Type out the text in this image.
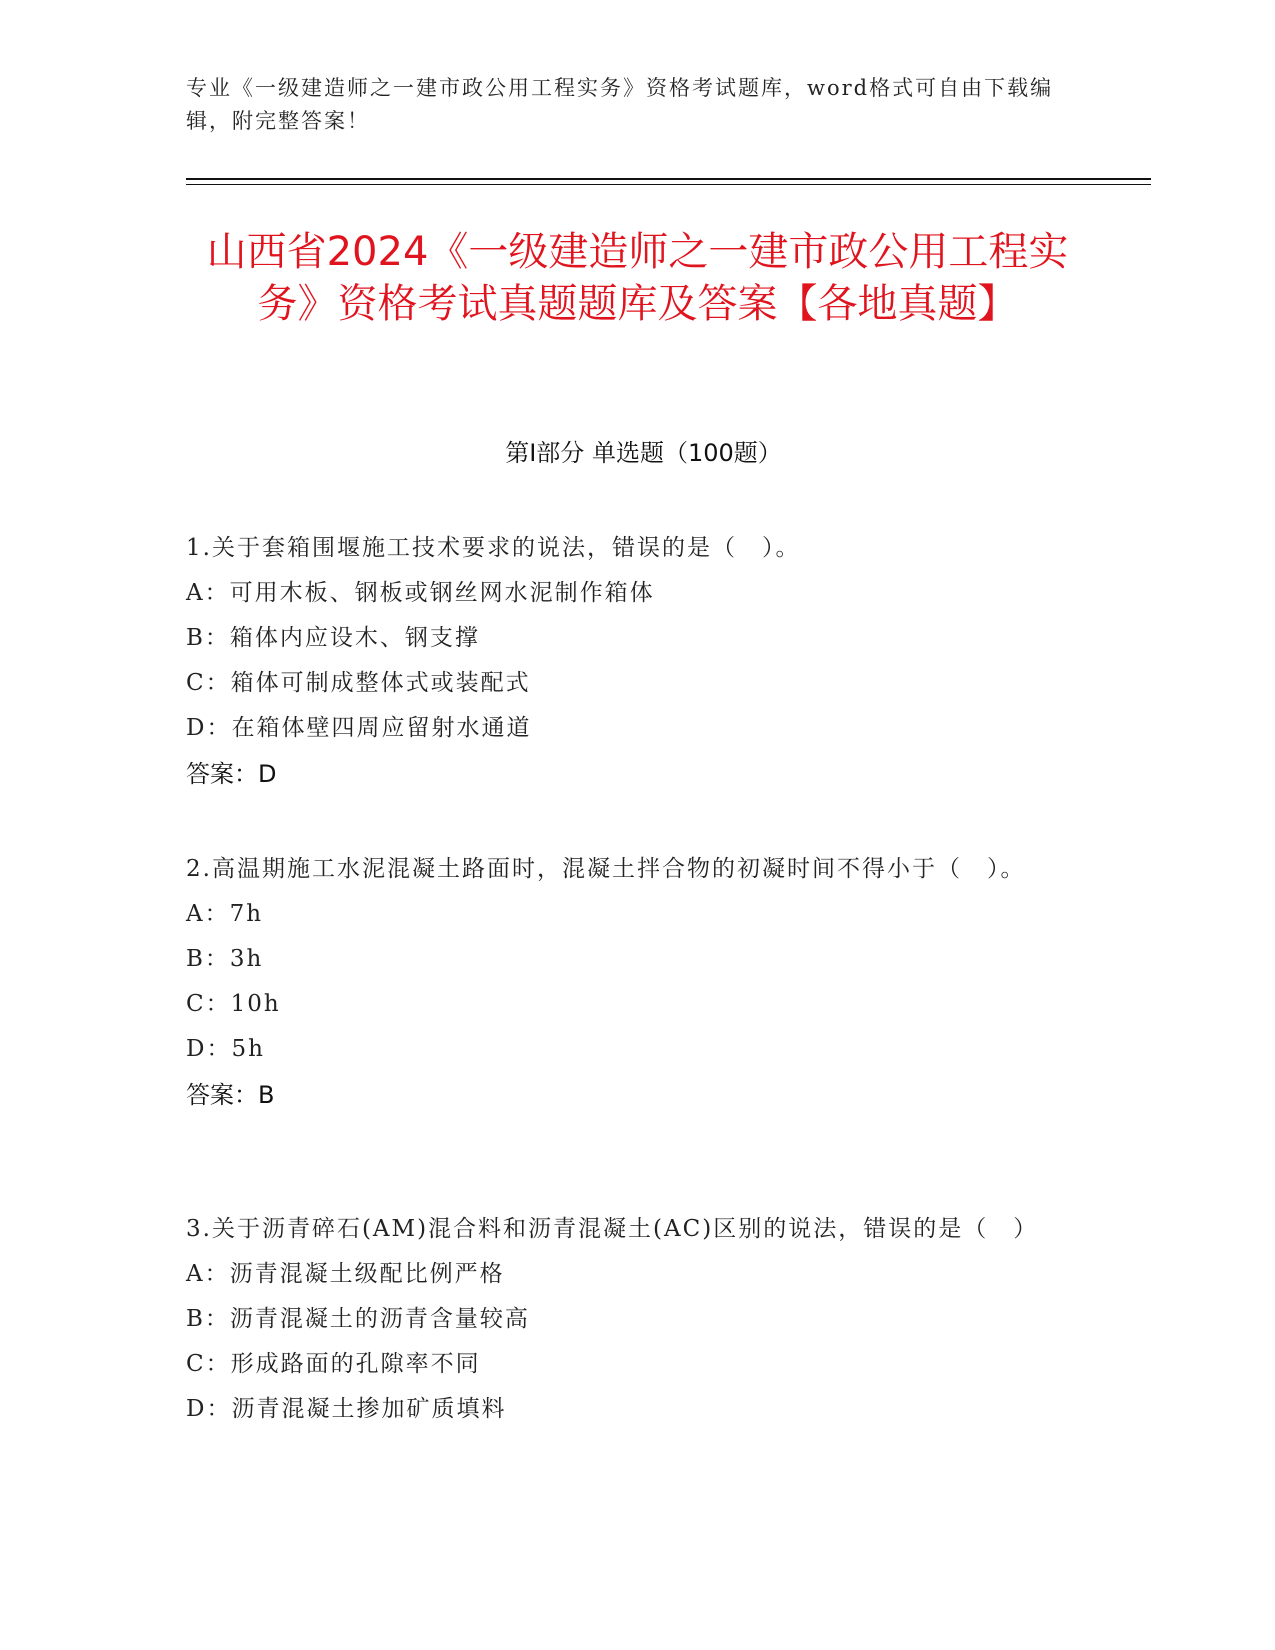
专业《一级建造师之一建市政公用工程实务》资格考试题库，word格式可自由下载编辑，附完整答案！
山西省2024《一级建造师之一建市政公用工程实务》资格考试真题题库及答案【各地真题】
第I部分 单选题（100题）
1.关于套箱围堰施工技术要求的说法，错误的是（　）。
A：可用木板、钢板或钢丝网水泥制作箱体
B：箱体内应设木、钢支撑
C：箱体可制成整体式或装配式
D：在箱体壁四周应留射水通道
答案：D
2.高温期施工水泥混凝土路面时，混凝土拌合物的初凝时间不得小于（　）。
A：7h
B：3h
C：10h
D：5h
答案：B
3.关于沥青碎石(AM)混合料和沥青混凝土(AC)区别的说法，错误的是（　）
A：沥青混凝土级配比例严格
B：沥青混凝土的沥青含量较高
C：形成路面的孔隙率不同
D：沥青混凝土掺加矿质填料
